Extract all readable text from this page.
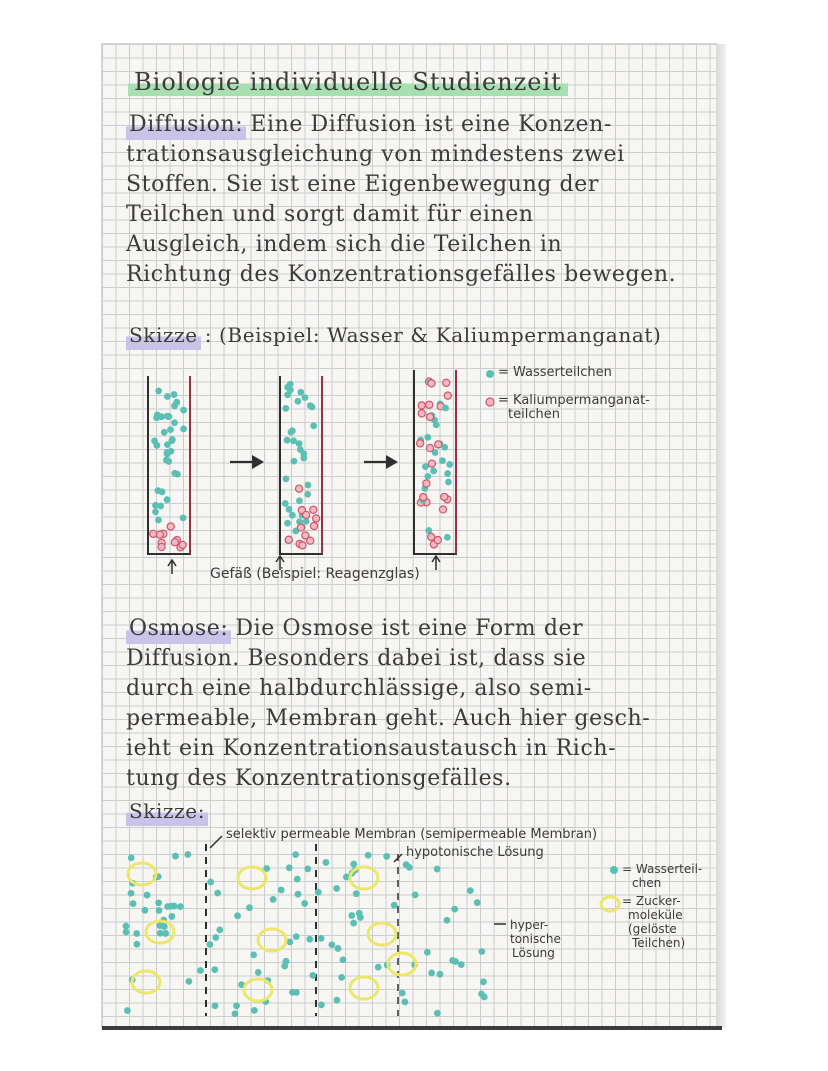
Biologie individuelle Studienzeit
Diffusion: Eine Diffusion ist eine Konzen-
trationsausgleichung von mindestens zwei
Stoffen. Sie ist eine Eigenbewegung der
Teilchen und sorgt damit für einen
Ausgleich, indem sich die Teilchen in
Richtung des Konzentrationsgefälles bewegen.
Skizze : (Beispiel: Wasser & Kaliumpermanganat)
= Wasserteilchen
= Kaliumpermanganat-
teilchen
Gefäß (Beispiel: Reagenzglas)
Osmose: Die Osmose ist eine Form der
Diffusion. Besonders dabei ist, dass sie
durch eine halbdurchlässige, also semi-
permeable, Membran geht. Auch hier gesch-
ieht ein Konzentrationsaustausch in Rich-
tung des Konzentrationsgefälles.
Skizze:
selektiv permeable Membran (semipermeable Membran)
hypotonische Lösung
hyper-
tonische
Lösung
= Wasserteil-
chen
= Zucker-
moleküle
(gelöste
Teilchen)
